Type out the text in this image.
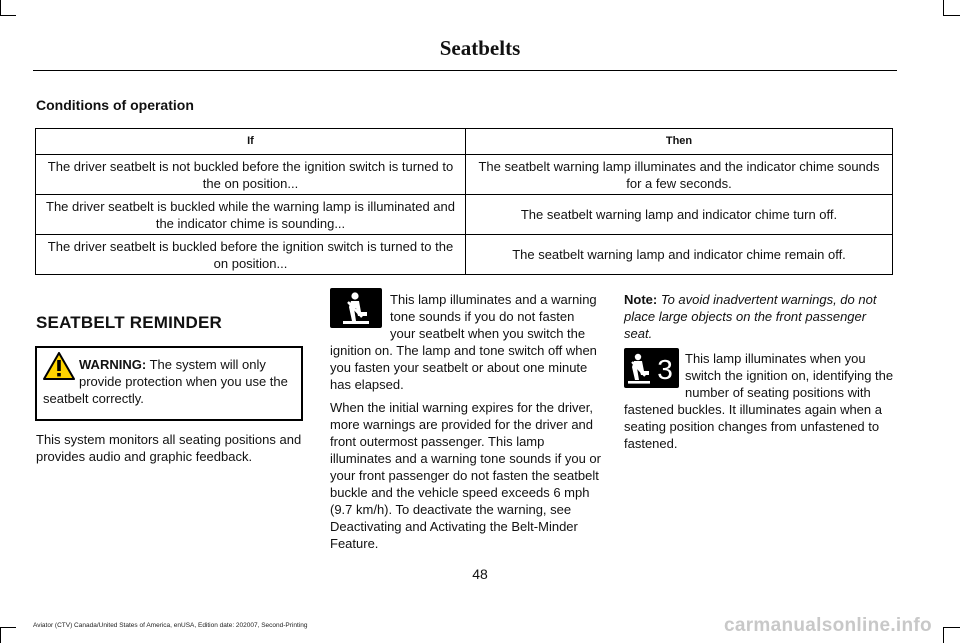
Seatbelts
Conditions of operation
If	Then
The driver seatbelt is not buckled before the ignition switch is turned to the on position...	The seatbelt warning lamp illuminates and the indicator chime sounds for a few seconds.
The driver seatbelt is buckled while the warning lamp is illuminated and the indicator chime is sounding...	The seatbelt warning lamp and indicator chime turn off.
The driver seatbelt is buckled before the ignition switch is turned to the on position...	The seatbelt warning lamp and indicator chime remain off.
SEATBELT REMINDER
WARNING: The system will only provide protection when you use the seatbelt correctly.
This system monitors all seating positions and provides audio and graphic feedback.
This lamp illuminates and a warning tone sounds if you do not fasten your seatbelt when you switch the ignition on. The lamp and tone switch off when you fasten your seatbelt or about one minute has elapsed.
When the initial warning expires for the driver, more warnings are provided for the driver and front outermost passenger. This lamp illuminates and a warning tone sounds if you or your front passenger do not fasten the seatbelt buckle and the vehicle speed exceeds 6 mph (9.7 km/h). To deactivate the warning, see Deactivating and Activating the Belt-Minder Feature.
Note: To avoid inadvertent warnings, do not place large objects on the front passenger seat.
3 This lamp illuminates when you switch the ignition on, identifying the number of seating positions with fastened buckles. It illuminates again when a seating position changes from unfastened to fastened.
48
Aviator (CTV) Canada/United States of America, enUSA, Edition date: 202007, Second-Printing	carmanualsonline.info
